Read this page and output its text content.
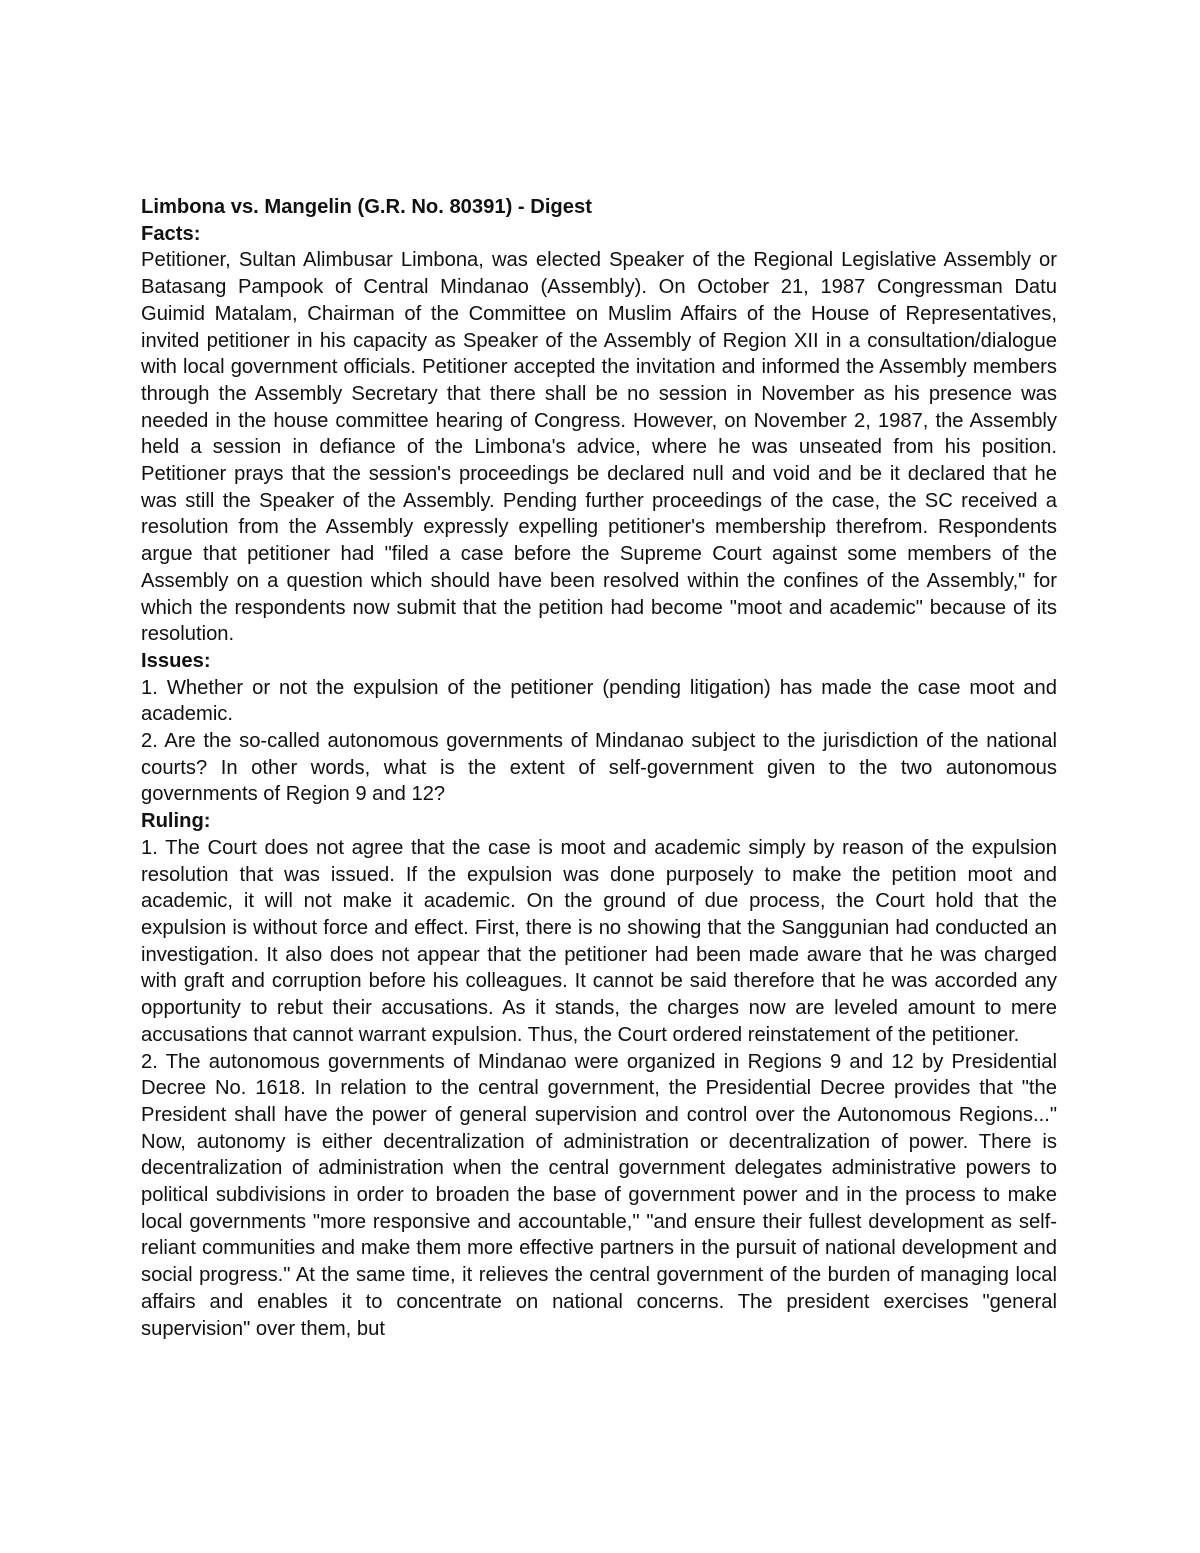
Limbona vs. Mangelin (G.R. No. 80391) - Digest
Facts:

Petitioner, Sultan Alimbusar Limbona, was elected Speaker of the Regional Legislative Assembly or Batasang Pampook of Central Mindanao (Assembly). On October 21, 1987 Congressman Datu Guimid Matalam, Chairman of the Committee on Muslim Affairs of the House of Representatives, invited petitioner in his capacity as Speaker of the Assembly of Region XII in a consultation/dialogue with local government officials. Petitioner accepted the invitation and informed the Assembly members through the Assembly Secretary that there shall be no session in November as his presence was needed in the house committee hearing of Congress. However, on November 2, 1987, the Assembly held a session in defiance of the Limbona's advice, where he was unseated from his position. Petitioner prays that the session's proceedings be declared null and void and be it declared that he was still the Speaker of the Assembly. Pending further proceedings of the case, the SC received a resolution from the Assembly expressly expelling petitioner's membership therefrom. Respondents argue that petitioner had "filed a case before the Supreme Court against some members of the Assembly on a question which should have been resolved within the confines of the Assembly," for which the respondents now submit that the petition had become "moot and academic" because of its resolution.

Issues:

1. Whether or not the expulsion of the petitioner (pending litigation) has made the case moot and academic.

2. Are the so-called autonomous governments of Mindanao subject to the jurisdiction of the national courts? In other words, what is the extent of self-government given to the two autonomous governments of Region 9 and 12?

Ruling:

1. The Court does not agree that the case is moot and academic simply by reason of the expulsion resolution that was issued. If the expulsion was done purposely to make the petition moot and academic, it will not make it academic. On the ground of due process, the Court hold that the expulsion is without force and effect. First, there is no showing that the Sanggunian had conducted an investigation. It also does not appear that the petitioner had been made aware that he was charged with graft and corruption before his colleagues. It cannot be said therefore that he was accorded any opportunity to rebut their accusations. As it stands, the charges now are leveled amount to mere accusations that cannot warrant expulsion. Thus, the Court ordered reinstatement of the petitioner.

2. The autonomous governments of Mindanao were organized in Regions 9 and 12 by Presidential Decree No. 1618. In relation to the central government, the Presidential Decree provides that "the President shall have the power of general supervision and control over the Autonomous Regions..." Now, autonomy is either decentralization of administration or decentralization of power. There is decentralization of administration when the central government delegates administrative powers to political subdivisions in order to broaden the base of government power and in the process to make local governments "more responsive and accountable," "and ensure their fullest development as self-reliant communities and make them more effective partners in the pursuit of national development and social progress." At the same time, it relieves the central government of the burden of managing local affairs and enables it to concentrate on national concerns. The president exercises "general supervision" over them, but
